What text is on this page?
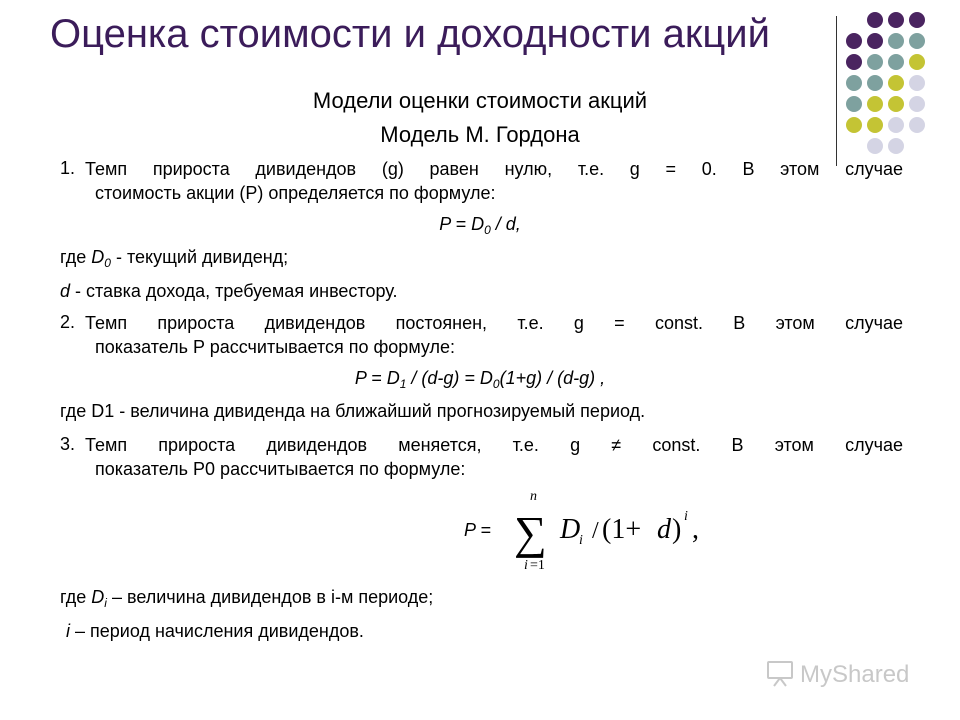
Оценка стоимости и доходности акций
Модели оценки стоимости акций
Модель М. Гордона
1. Темп прироста дивидендов (g) равен нулю, т.е. g = 0. В этом случае
стоимость акции (P) определяется по формуле:
$P = D_0 / d$,
где $D_0$ - текущий дивиденд;
d - ставка дохода, требуемая инвестору.
2. Темп прироста дивидендов постоянен, т.е. g = const. В этом случае
показатель P рассчитывается по формуле:
$P = D_1 / (d-g) = D_0(1+g) / (d-g)$ ,
где D1 - величина дивиденда на ближайший прогнозируемый период.
3. Темп прироста дивидендов меняется, т.е. g ≠ const. В этом случае
показатель P0 рассчитывается по формуле:
P =
n
∑
i =1
D
i / (1+ d ) i ,
где $D_i$ – величина дивидендов в i-м периоде;
i – период начисления дивидендов.
MyShared
